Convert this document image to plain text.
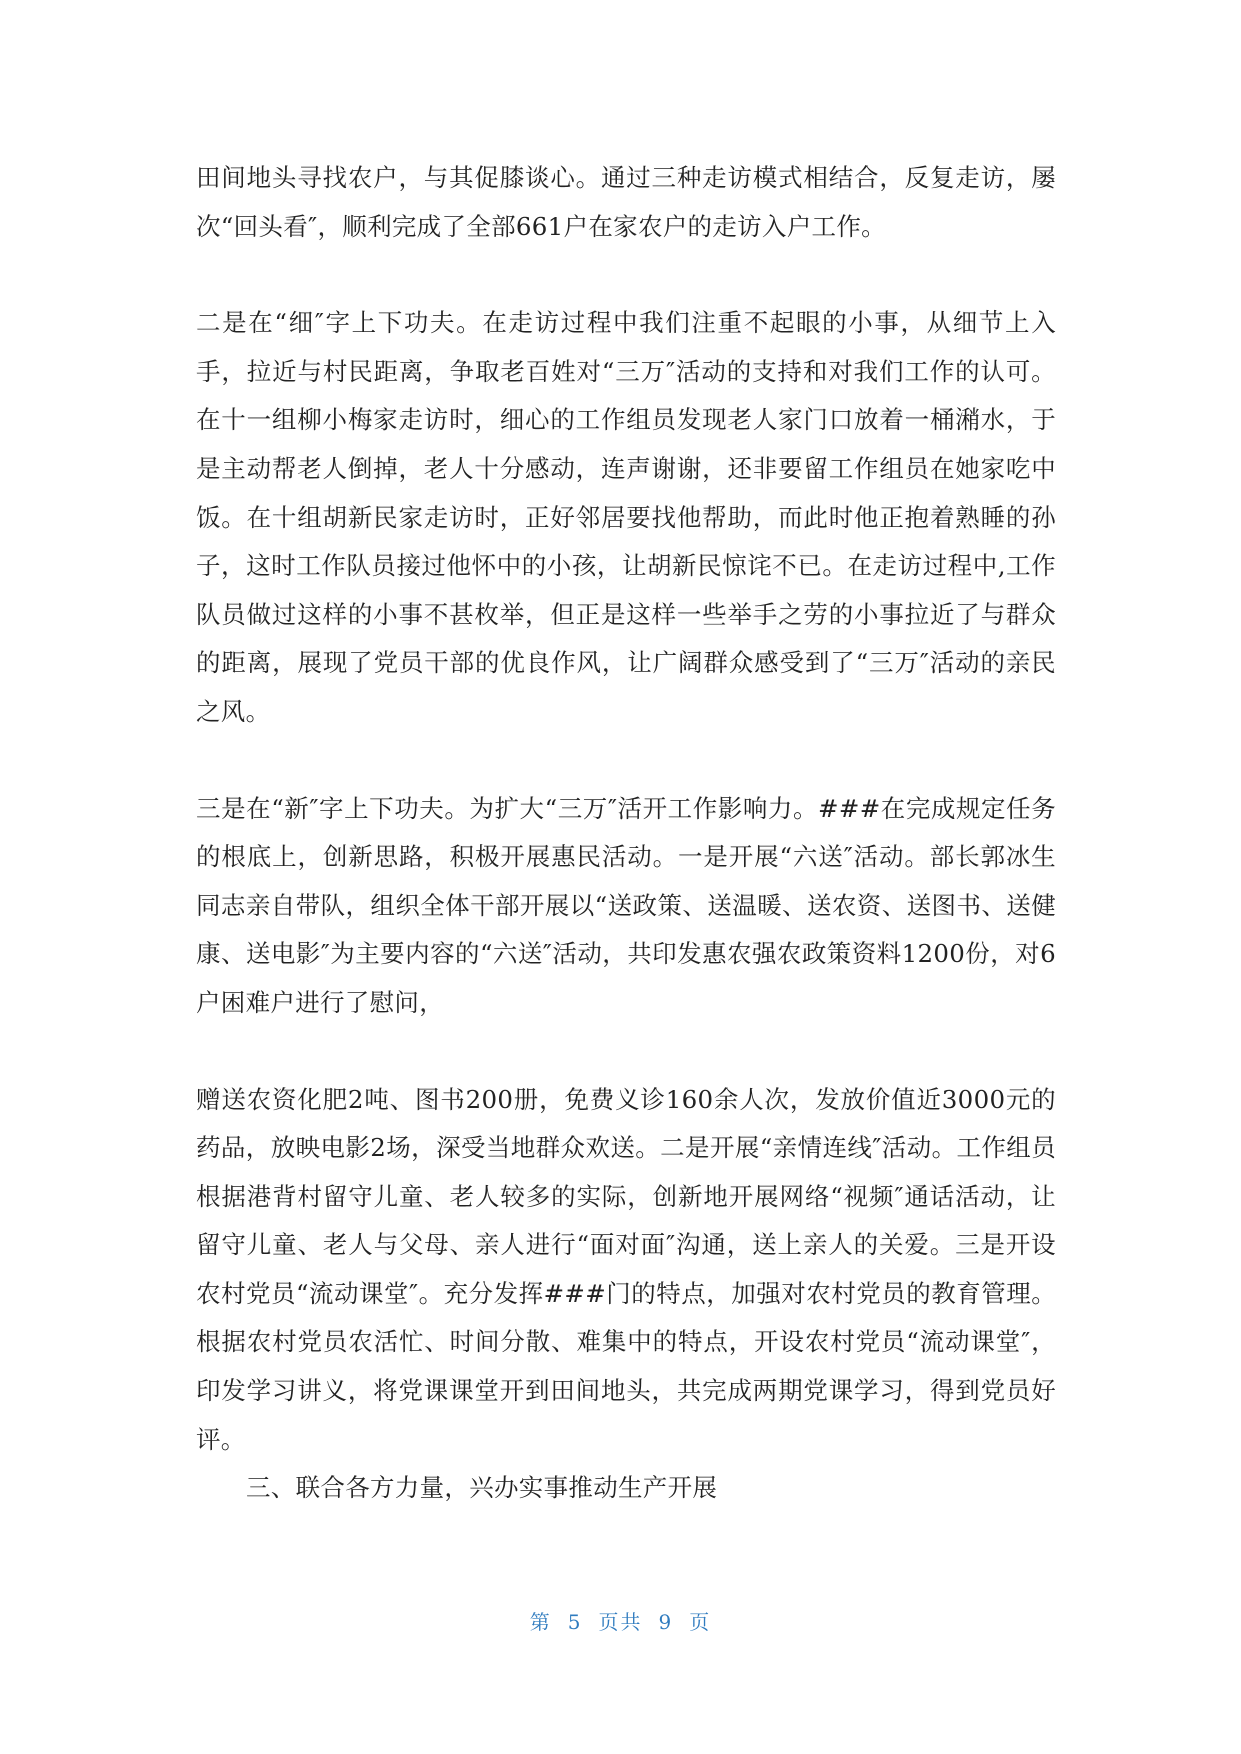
田间地头寻找农户，与其促膝谈心。通过三种走访模式相结合，反复走访，屡次“回头看″，顺利完成了全部661户在家农户的走访入户工作。

二是在“细″字上下功夫。在走访过程中我们注重不起眼的小事，从细节上入手，拉近与村民距离，争取老百姓对“三万″活动的支持和对我们工作的认可。在十一组柳小梅家走访时，细心的工作组员发现老人家门口放着一桶潲水，于是主动帮老人倒掉，老人十分感动，连声谢谢，还非要留工作组员在她家吃中饭。在十组胡新民家走访时，正好邻居要找他帮助，而此时他正抱着熟睡的孙子，这时工作队员接过他怀中的小孩，让胡新民惊诧不已。在走访过程中,工作队员做过这样的小事不甚枚举，但正是这样一些举手之劳的小事拉近了与群众的距离，展现了党员干部的优良作风，让广阔群众感受到了“三万″活动的亲民之风。

三是在“新″字上下功夫。为扩大“三万″活开工作影响力。###在完成规定任务的根底上，创新思路，积极开展惠民活动。一是开展“六送″活动。部长郭冰生同志亲自带队，组织全体干部开展以“送政策、送温暖、送农资、送图书、送健康、送电影″为主要内容的“六送″活动，共印发惠农强农政策资料1200份，对6户困难户进行了慰问，

赠送农资化肥2吨、图书200册，免费义诊160余人次，发放价值近3000元的药品，放映电影2场，深受当地群众欢送。二是开展“亲情连线″活动。工作组员根据港背村留守儿童、老人较多的实际，创新地开展网络“视频″通话活动，让留守儿童、老人与父母、亲人进行“面对面″沟通，送上亲人的关爱。三是开设农村党员“流动课堂″。充分发挥###门的特点，加强对农村党员的教育管理。根据农村党员农活忙、时间分散、难集中的特点，开设农村党员“流动课堂″，印发学习讲义，将党课课堂开到田间地头，共完成两期党课学习，得到党员好评。

三、联合各方力量，兴办实事推动生产开展

第 5 页共 9 页
